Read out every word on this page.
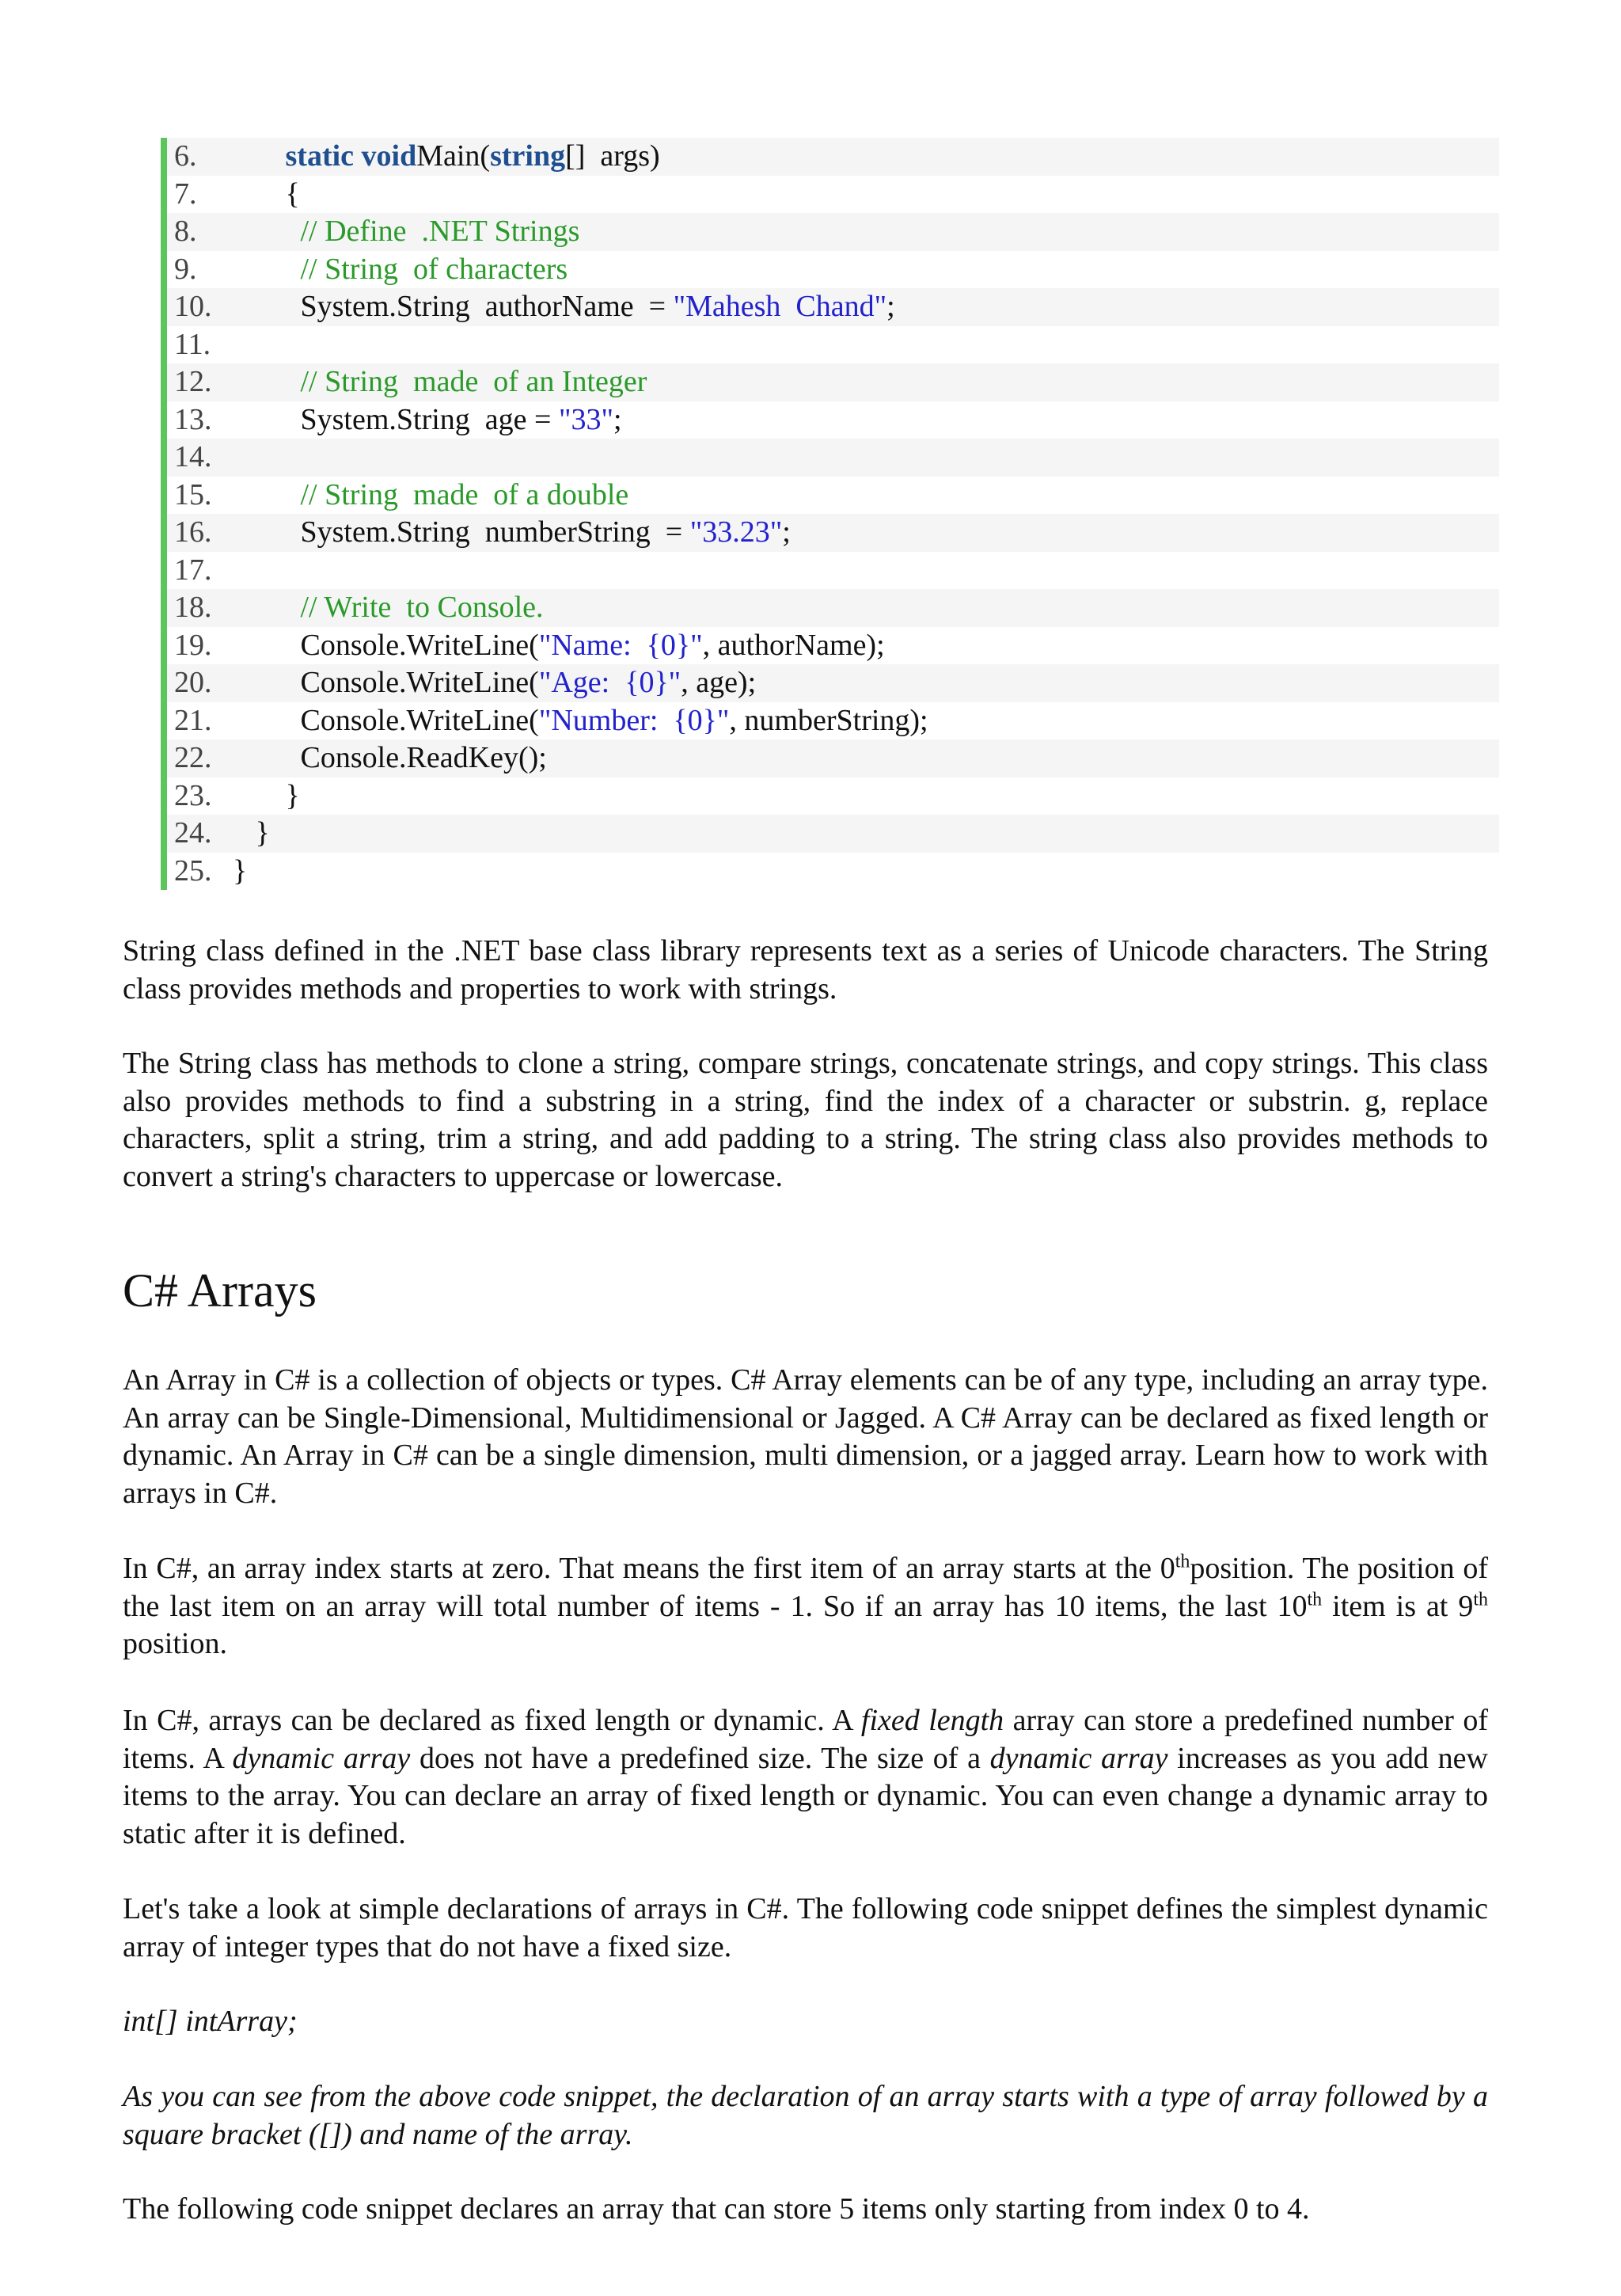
6.	static voidMain(string[]  args)
7.	{
8.	// Define  .NET Strings
9.	// String  of characters
10.	System.String  authorName  = "Mahesh  Chand";
11.
12.	// String  made  of an Integer
13.	System.String  age = "33";
14.
15.	// String  made  of a double
16.	System.String  numberString  = "33.23";
17.
18.	// Write  to Console.
19.	Console.WriteLine("Name:  {0}", authorName);
20.	Console.WriteLine("Age:  {0}", age);
21.	Console.WriteLine("Number:  {0}", numberString);
22.	Console.ReadKey();
23.	}
24.	}
25. }

String class defined in the .NET base class library represents text as a series of Unicode characters. The String class provides methods and properties to work with strings.

The String class has methods to clone a string, compare strings, concatenate strings, and copy strings. This class also provides methods to find a substring in a string, find the index of a character or substrin. g, replace characters, split a string, trim a string, and add padding to a string. The string class also provides methods to convert a string's characters to uppercase or lowercase.

C# Arrays

An Array in C# is a collection of objects or types. C# Array elements can be of any type, including an array type. An array can be Single-Dimensional, Multidimensional or Jagged. A C# Array can be declared as fixed length or dynamic. An Array in C# can be a single dimension, multi dimension, or a jagged array. Learn how to work with arrays in C#.

In C#, an array index starts at zero. That means the first item of an array starts at the 0thposition. The position of the last item on an array will total number of items - 1. So if an array has 10 items, the last 10th item is at 9th position.

In C#, arrays can be declared as fixed length or dynamic. A fixed length array can store a predefined number of items. A dynamic array does not have a predefined size. The size of a dynamic array increases as you add new items to the array. You can declare an array of fixed length or dynamic. You can even change a dynamic array to static after it is defined.

Let's take a look at simple declarations of arrays in C#. The following code snippet defines the simplest dynamic array of integer types that do not have a fixed size.

int[] intArray;

As you can see from the above code snippet, the declaration of an array starts with a type of array followed by a square bracket ([]) and name of the array.

The following code snippet declares an array that can store 5 items only starting from index 0 to 4.
